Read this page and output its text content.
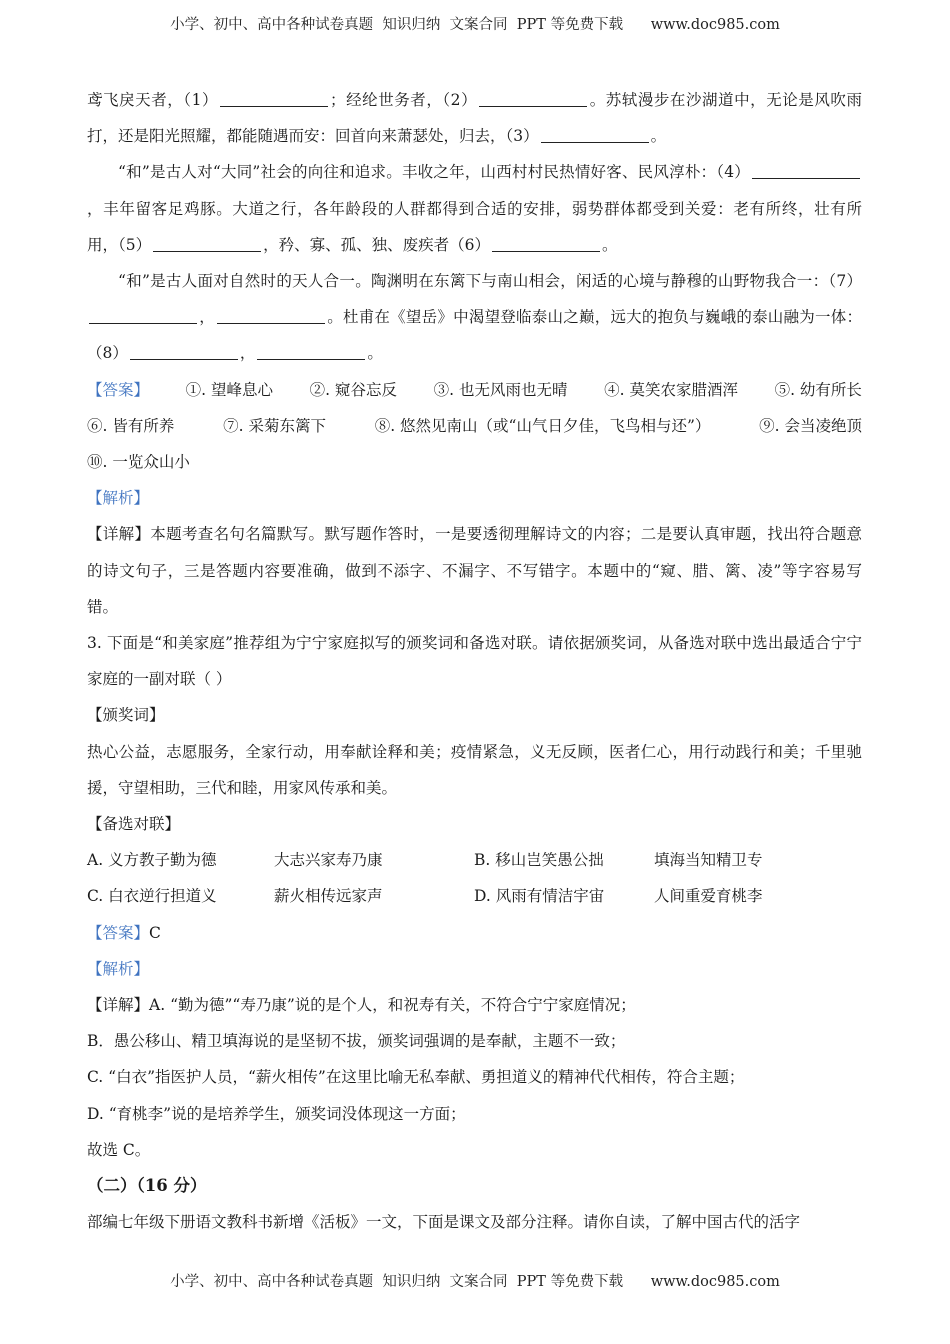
小学、初中、高中各种试卷真题  知识归纳  文案合同  PPT 等免费下载      www.doc985.com

鸢飞戾天者，（1）	；经纶世务者，（2）	。苏轼漫步在沙湖道中，无论是风吹雨打，还是阳光照耀，都能随遇而安：回首向来萧瑟处，归去，（3）	。

“和”是古人对“大同”社会的向往和追求。丰收之年，山西村村民热情好客、民风淳朴：（4），丰年留客足鸡豚。大道之行，各年龄段的人群都得到合适的安排，弱势群体都受到关爱：老有所终，壮有所用，（5）	，矜、寡、孤、独、废疾者（6）	。

“和”是古人面对自然时的天人合一。陶渊明在东篱下与南山相会，闲适的心境与静穆的山野物我合一：（7），	。杜甫在《望岳》中渴望登临泰山之巅，远大的抱负与巍峨的泰山融为一体：（8）	，	。

【答案】 ①. 望峰息心 ②. 窥谷忘反 ③. 也无风雨也无晴 ④. 莫笑农家腊酒浑 ⑤. 幼有所长
⑥. 皆有所养	⑦. 采菊东篱下	⑧. 悠然见南山（或“山气日夕佳，飞鸟相与还”）	⑨. 会当凌绝顶
⑩. 一览众山小

【解析】

【详解】本题考查名句名篇默写。默写题作答时，一是要透彻理解诗文的内容；二是要认真审题，找出符合题意的诗文句子，三是答题内容要准确，做到不添字、不漏字、不写错字。本题中的“窥、腊、篱、凌”等字容易写错。

3. 下面是“和美家庭”推荐组为宁宁家庭拟写的颁奖词和备选对联。请依据颁奖词，从备选对联中选出最适合宁宁家庭的一副对联（ ）

【颁奖词】

热心公益，志愿服务，全家行动，用奉献诠释和美；疫情紧急，义无反顾，医者仁心，用行动践行和美；千里驰援，守望相助，三代和睦，用家风传承和美。

【备选对联】

A. 义方教子勤为德	大志兴家寿乃康	B. 移山岂笑愚公拙	填海当知精卫专
C. 白衣逆行担道义	薪火相传远家声	D. 风雨有情洁宇宙	人间重爱育桃李

【答案】C

【解析】

【详解】A. “勤为德”“寿乃康”说的是个人，和祝寿有关，不符合宁宁家庭情况；

B．愚公移山、精卫填海说的是坚韧不拔，颁奖词强调的是奉献，主题不一致；

C. “白衣”指医护人员，“薪火相传”在这里比喻无私奉献、勇担道义的精神代代相传，符合主题；

D. “育桃李”说的是培养学生，颁奖词没体现这一方面；

故选 C。

（二）（16 分）

部编七年级下册语文教科书新增《活板》一文，下面是课文及部分注释。请你自读，了解中国古代的活字

小学、初中、高中各种试卷真题  知识归纳  文案合同  PPT 等免费下载      www.doc985.com
